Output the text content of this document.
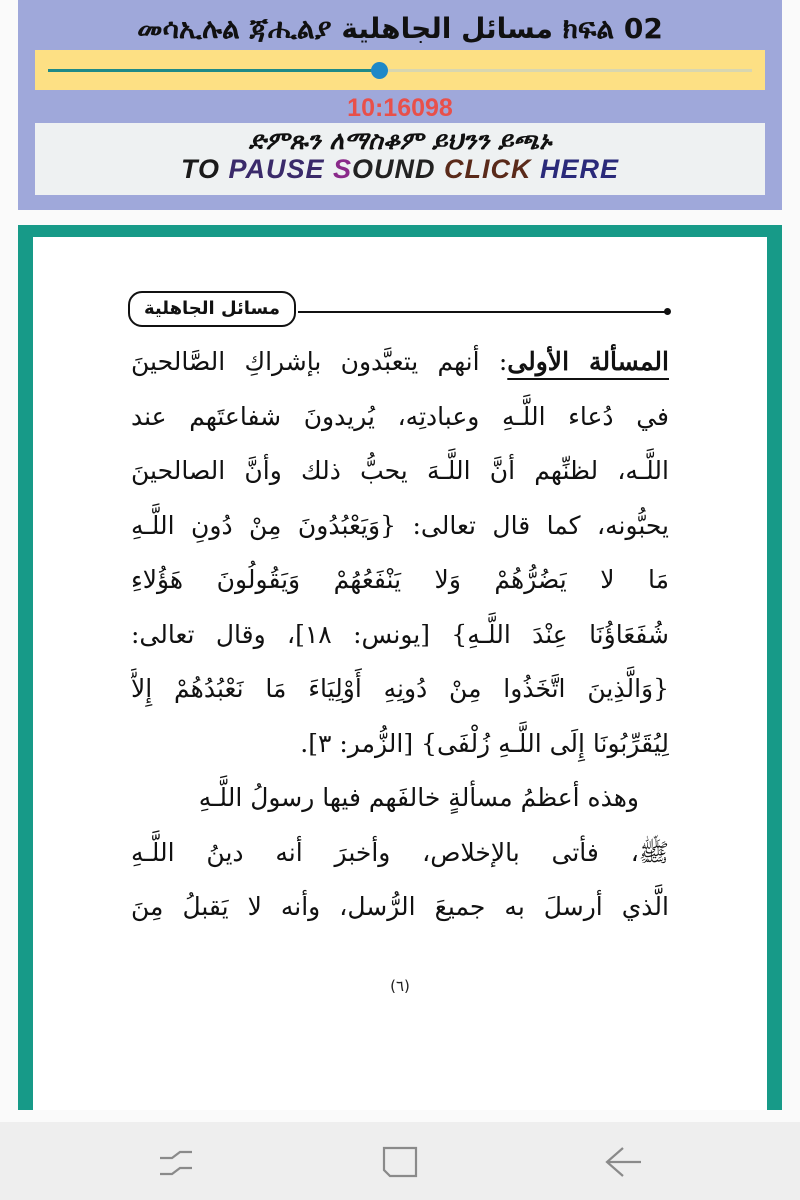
መሳኢሉል ጃሒልያ مسائل الجاهلية ክፍል 02
10:16098
ድምጹን ለማስቆም ይህንን ይጫኑ
TO PAUSE SOUND CLICK HERE
مسائل الجاهلية
المسألة الأولى: أنهم يتعبَّدون بإشراكِ الصَّالحينَ
في دُعاء اللَّـهِ وعبادتِه، يُريدونَ شفاعتَهم عند
اللَّـه، لظنِّهم أنَّ اللَّـهَ يحبُّ ذلك وأنَّ الصالحينَ
يحبُّونه، كما قال تعالى: {وَيَعْبُدُونَ مِنْ دُونِ اللَّـهِ
مَا لا يَضُرُّهُمْ وَلا يَنْفَعُهُمْ وَيَقُولُونَ هَؤُلاءِ
شُفَعَاؤُنَا عِنْدَ اللَّـهِ} [يونس: ١٨]، وقال تعالى:
{وَالَّذِينَ اتَّخَذُوا مِنْ دُونِهِ أَوْلِيَاءَ مَا نَعْبُدُهُمْ إِلاَّ
لِيُقَرِّبُونَا إِلَى اللَّـهِ زُلْفَى} [الزُّمر: ٣].
وهذه أعظمُ مسألةٍ خالفَهم فيها رسولُ اللَّـهِ
ﷺ، فأتى بالإخلاص، وأخبرَ أنه دينُ اللَّـهِ
الَّذي أرسلَ به جميعَ الرُّسل، وأنه لا يَقبلُ مِنَ
(٦)
